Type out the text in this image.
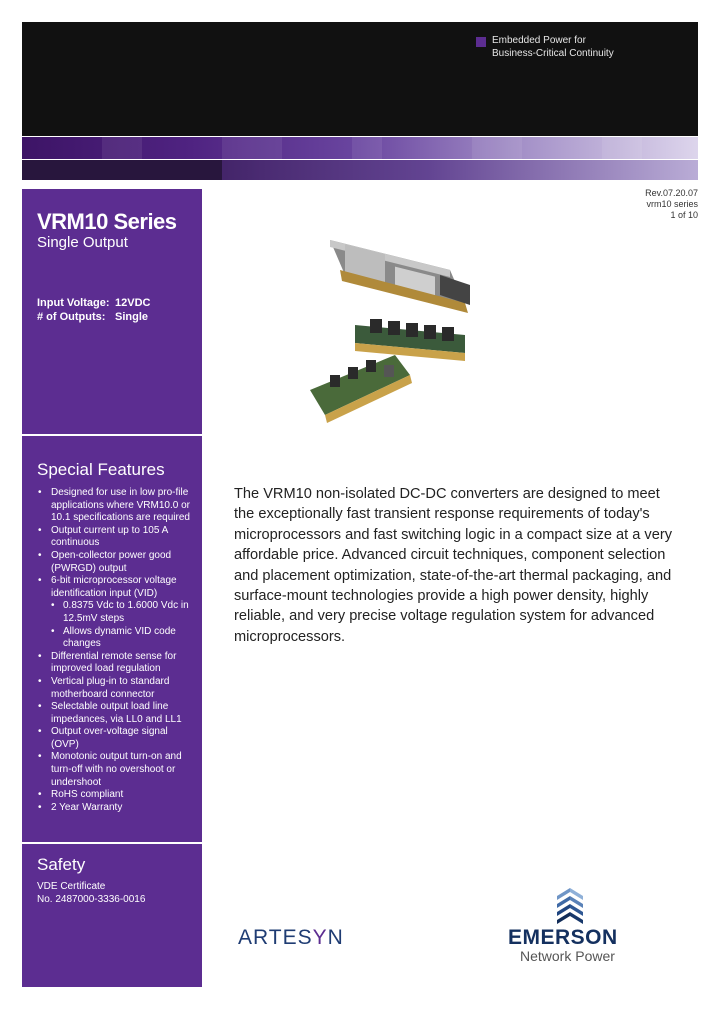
Embedded Power for
Business-Critical Continuity
Rev.07.20.07
vrm10 series
1 of 10
VRM10 Series
Single Output
Input Voltage: 12VDC
# of Outputs: Single
Special Features
• Designed for use in low pro-file applications where VRM10.0 or 10.1 specifications are required
• Output current up to 105 A continuous
• Open-collector power good (PWRGD) output
• 6-bit microprocessor voltage identification input (VID)
• 0.8375 Vdc to 1.6000 Vdc in 12.5mV steps
• Allows dynamic VID code changes
• Differential remote sense for improved load regulation
• Vertical plug-in to standard motherboard connector
• Selectable output load line impedances, via LL0 and LL1
• Output over-voltage signal (OVP)
• Monotonic output turn-on and turn-off with no overshoot or undershoot
• RoHS compliant
• 2 Year Warranty
Safety
VDE Certificate
No. 2487000-3336-0016
The VRM10 non-isolated DC-DC converters are designed to meet the exceptionally fast transient response requirements of today's microprocessors and fast switching logic in a compact size at a very affordable price. Advanced circuit techniques, component selection and placement optimization, state-of-the-art thermal packaging, and surface-mount technologies provide a high power density, highly reliable, and very precise voltage regulation system for advanced microprocessors.
ARTESYN	EMERSON
Network Power
